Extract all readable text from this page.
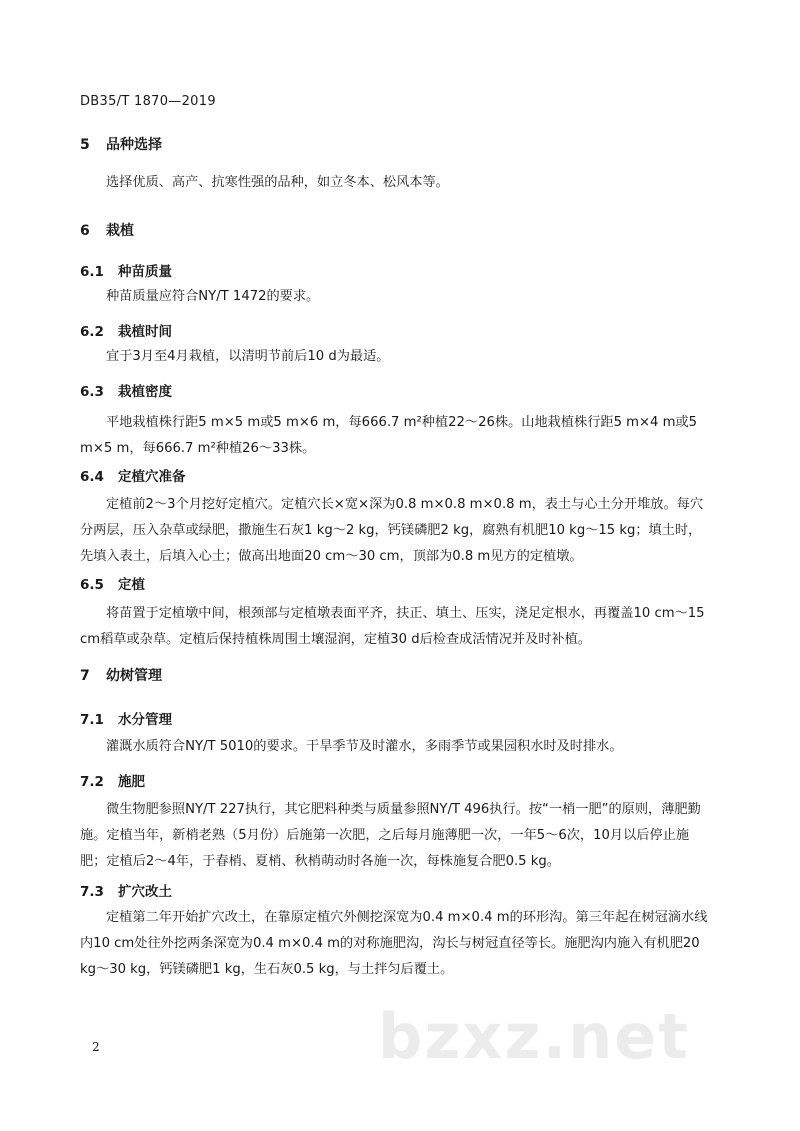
DB35/T 1870—2019
5 品种选择

选择优质、高产、抗寒性强的品种，如立冬本、松风本等。

6 栽植
6.1 种苗质量

种苗质量应符合NY/T 1472的要求。

6.2 栽植时间

宜于3月至4月栽植，以清明节前后10 d为最适。

6.3 栽植密度

平地栽植株行距5 m×5 m或5 m×6 m，每666.7 m²种植22～26株。山地栽植株行距5 m×4 m或5 m×5 m，每666.7 m²种植26～33株。

6.4 定植穴准备

定植前2～3个月挖好定植穴。定植穴长×宽×深为0.8 m×0.8 m×0.8 m，表土与心土分开堆放。每穴分两层，压入杂草或绿肥，撒施生石灰1 kg～2 kg，钙镁磷肥2 kg，腐熟有机肥10 kg～15 kg；填土时，先填入表土，后填入心土；做高出地面20 cm～30 cm，顶部为0.8 m见方的定植墩。

6.5 定植

将苗置于定植墩中间，根颈部与定植墩表面平齐，扶正、填土、压实，浇足定根水，再覆盖10 cm～15 cm稻草或杂草。定植后保持植株周围土壤湿润，定植30 d后检查成活情况并及时补植。

7 幼树管理
7.1 水分管理

灌溉水质符合NY/T 5010的要求。干旱季节及时灌水，多雨季节或果园积水时及时排水。

7.2 施肥

微生物肥参照NY/T 227执行，其它肥料种类与质量参照NY/T 496执行。按“一梢一肥”的原则，薄肥勤施。定植当年，新梢老熟（5月份）后施第一次肥，之后每月施薄肥一次，一年5～6次，10月以后停止施肥；定植后2～4年，于春梢、夏梢、秋梢萌动时各施一次，每株施复合肥0.5 kg。

7.3 扩穴改土

定植第二年开始扩穴改土，在靠原定植穴外侧挖深宽为0.4 m×0.4 m的环形沟。第三年起在树冠滴水线内10 cm处往外挖两条深宽为0.4 m×0.4 m的对称施肥沟，沟长与树冠直径等长。施肥沟内施入有机肥20 kg～30 kg，钙镁磷肥1 kg，生石灰0.5 kg，与土拌匀后覆土。

bzxz.net
2
